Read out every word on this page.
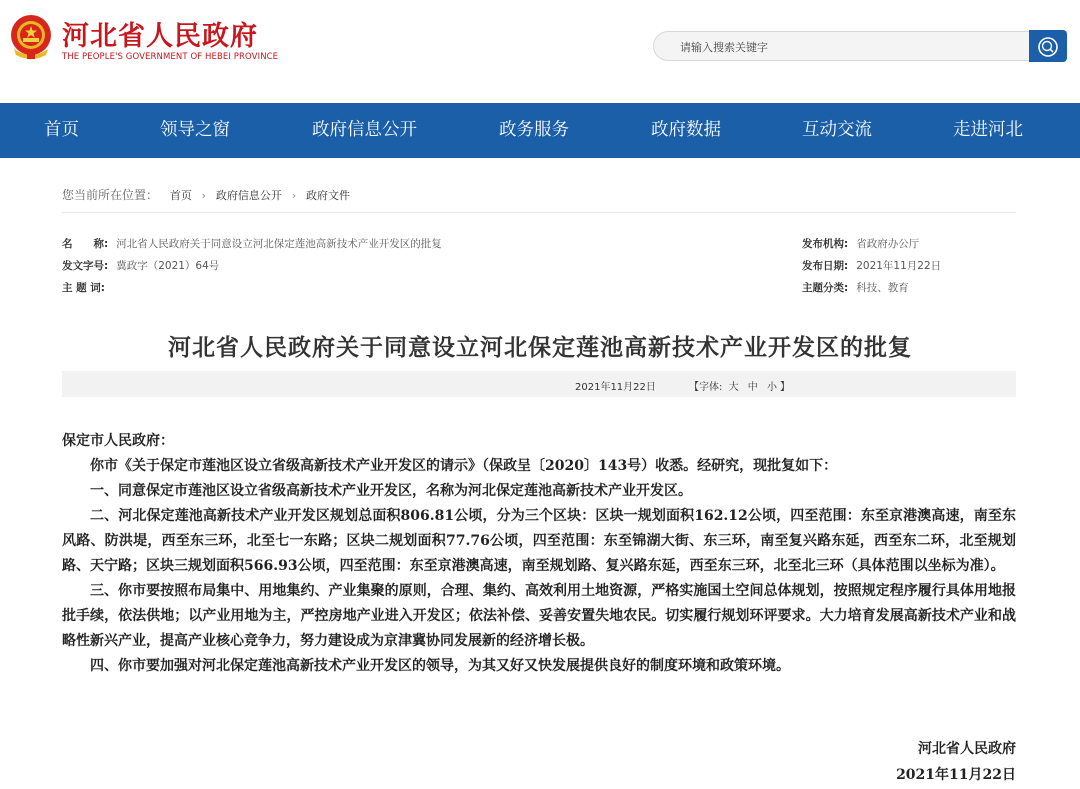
河北省人民政府
THE PEOPLE'S GOVERNMENT OF HEBEI PROVINCE
请输入搜索关键字
首页	领导之窗	政府信息公开	政务服务	政府数据	互动交流	走进河北
您当前所在位置： 首页 › 政府信息公开 › 政府文件
名　　称: 河北省人民政府关于同意设立河北保定莲池高新技术产业开发区的批复
发文字号: 冀政字（2021）64号
主 题 词:
发布机构: 省政府办公厅
发布日期: 2021年11月22日
主题分类: 科技、教育
河北省人民政府关于同意设立河北保定莲池高新技术产业开发区的批复
2021年11月22日	【字体: 大 中 小 】
保定市人民政府：

你市《关于保定市莲池区设立省级高新技术产业开发区的请示》（保政呈〔2020〕143号）收悉。经研究，现批复如下：

一、同意保定市莲池区设立省级高新技术产业开发区，名称为河北保定莲池高新技术产业开发区。

二、河北保定莲池高新技术产业开发区规划总面积806.81公顷，分为三个区块：区块一规划面积162.12公顷，四至范围：东至京港澳高速，南至东风路、防洪堤，西至东三环，北至七一东路；区块二规划面积77.76公顷，四至范围：东至锦湖大街、东三环，南至复兴路东延，西至东二环，北至规划路、天宁路；区块三规划面积566.93公顷，四至范围：东至京港澳高速，南至规划路、复兴路东延，西至东三环，北至北三环（具体范围以坐标为准）。

三、你市要按照布局集中、用地集约、产业集聚的原则，合理、集约、高效利用土地资源，严格实施国土空间总体规划，按照规定程序履行具体用地报批手续，依法供地；以产业用地为主，严控房地产业进入开发区；依法补偿、妥善安置失地农民。切实履行规划环评要求。大力培育发展高新技术产业和战略性新兴产业，提高产业核心竞争力，努力建设成为京津冀协同发展新的经济增长极。

四、你市要加强对河北保定莲池高新技术产业开发区的领导，为其又好又快发展提供良好的制度环境和政策环境。

河北省人民政府
2021年11月22日
